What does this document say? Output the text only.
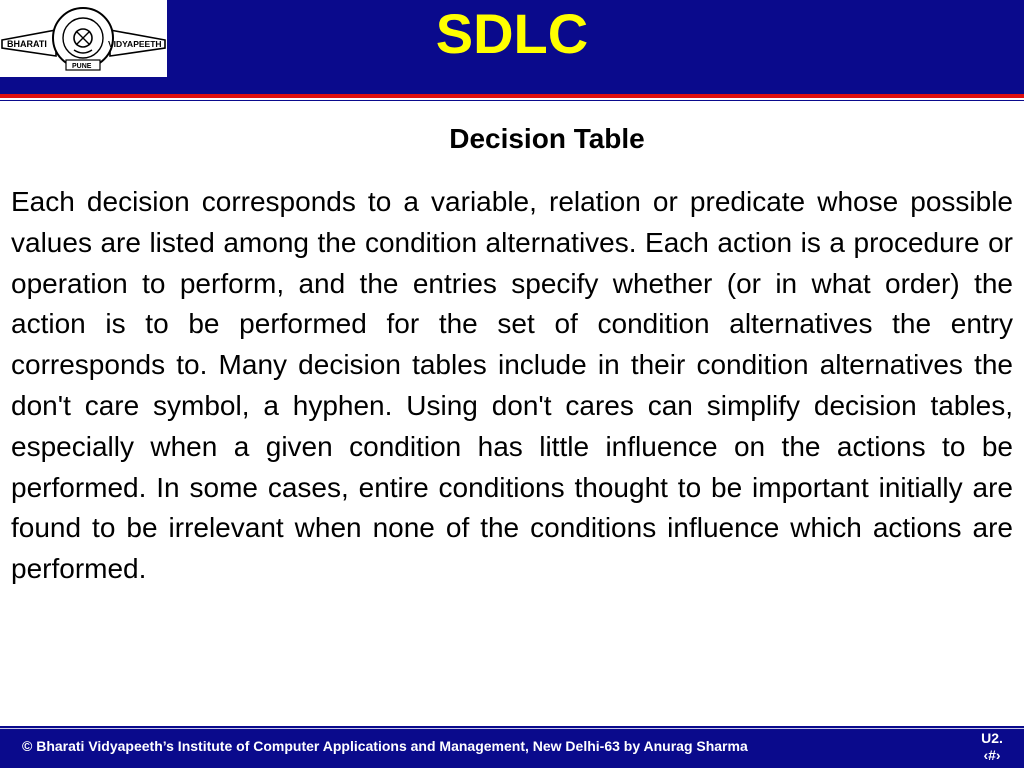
BHARATI	VIDYAPEETH
PUNE
SDLC
Decision Table

Each decision corresponds to a variable, relation or predicate whose possible values are listed among the condition alternatives. Each action is a procedure or operation to perform, and the entries specify whether (or in what order) the action is to be performed for the set of condition alternatives the entry corresponds to. Many decision tables include in their condition alternatives the don't care symbol, a hyphen. Using don't cares can simplify decision tables, especially when a given condition has little influence on the actions to be performed. In some cases, entire conditions thought to be important initially are found to be irrelevant when none of the conditions influence which actions are performed.

© Bharati Vidyapeeth’s Institute of Computer Applications and Management, New Delhi-63 by Anurag Sharma	U2.
‹#›
